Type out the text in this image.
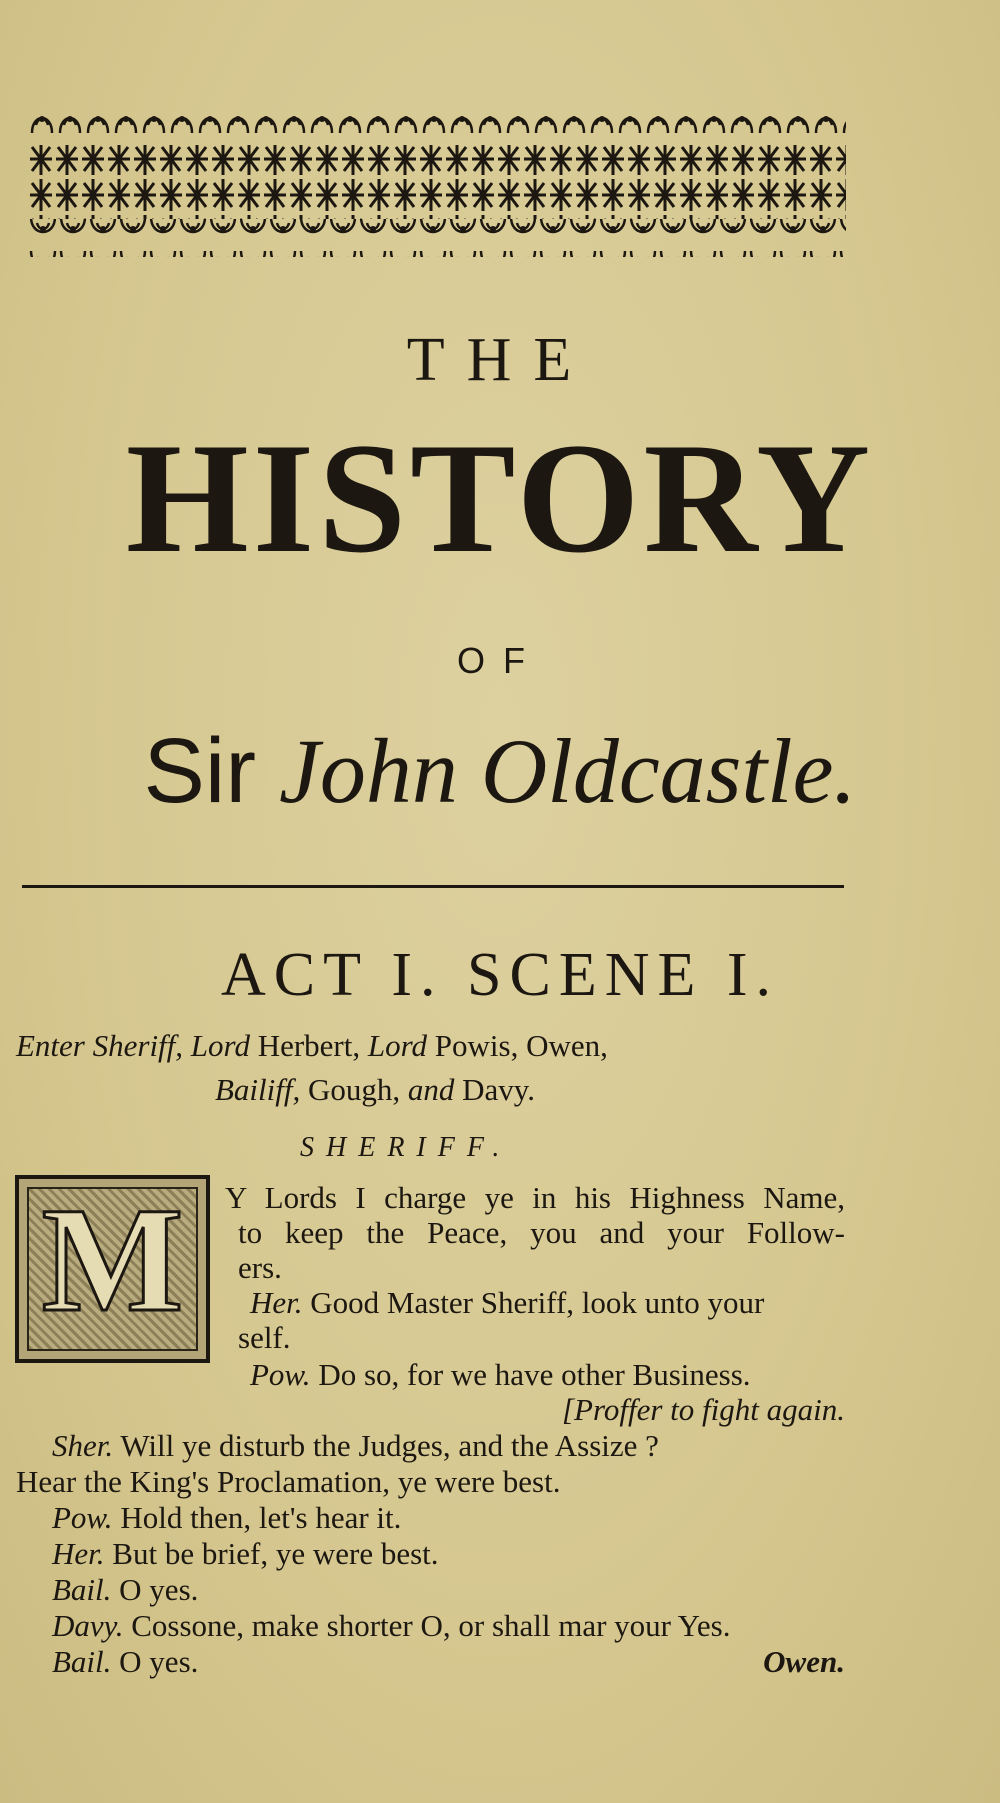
THE
HISTORY
OF
Sir John Oldcastle.
ACT I. SCENE I.
Enter Sheriff, Lord Herbert, Lord Powis, Owen,
Bailiff, Gough, and Davy.
SHERIFF.
M	Y Lords I charge ye in his Highness Name,
to keep the Peace, you and your Follow-
ers.
Her. Good Master Sheriff, look unto your
self.
Pow. Do so, for we have other Business.
[Proffer to fight again.
Sher. Will ye disturb the Judges, and the Assize ?
Hear the King's Proclamation, ye were best.
Pow. Hold then, let's hear it.
Her. But be brief, ye were best.
Bail. O yes.
Davy. Cossone, make shorter O, or shall mar your Yes.
Bail. O yes.	Owen.
